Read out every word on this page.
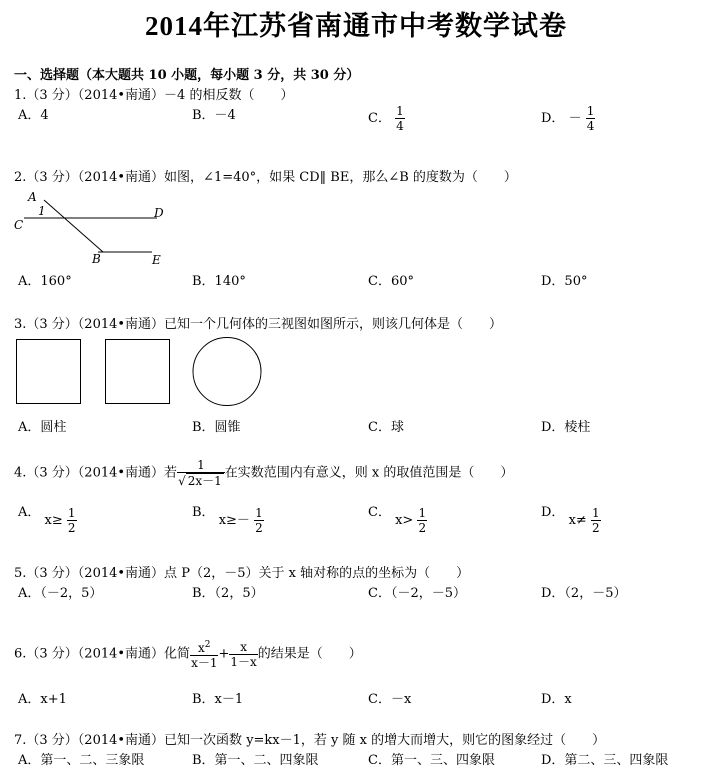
2014年江苏省南通市中考数学试卷
一、选择题（本大题共 10 小题，每小题 3 分，共 30 分）
1.（3 分）（2014•南通）－4 的相反数（　　）
A．4	B．－4	C． $\frac{1}{4}$	D． － $\frac{1}{4}$
2.（3 分）（2014•南通）如图，∠1=40°，如果 CD‖ BE，那么∠B 的度数为（　　）
A
1
C
D
B	E
A．160°	B．140°	C．60°	D．50°
3.（3 分）（2014•南通）已知一个几何体的三视图如图所示，则该几何体是（　　）
A．圆柱	B．圆锥	C．球	D．棱柱
4.（3 分）（2014•南通）若 $\frac{1}{√ 2x-1}$ 在实数范围内有意义，则 x 的取值范围是（　　）
A． $x\ge \frac{1}{2}$	B． $x\ge- \frac{1}{2}$	C． $x> \frac{1}{2}$	D． $x\ne \frac{1}{2}$
5.（3 分）（2014•南通）点 P（2，－5）关于 x 轴对称的点的坐标为（　　）
A．（－2，5）	B．（2，5）	C．（－2，－5）	D．（2，－5）
6.（3 分）（2014•南通）化简 $\frac{x^2}{x-1} + \frac{x}{1-x}$ 的结果是（　　）
A．x+1	B．x－1	C．－x	D．x
7.（3 分）（2014•南通）已知一次函数 y=kx－1，若 y 随 x 的增大而增大，则它的图象经过（　　）
A．第一、二、三象限	B．第一、二、四象限	C．第一、三、四象限	D．第二、三、四象限
